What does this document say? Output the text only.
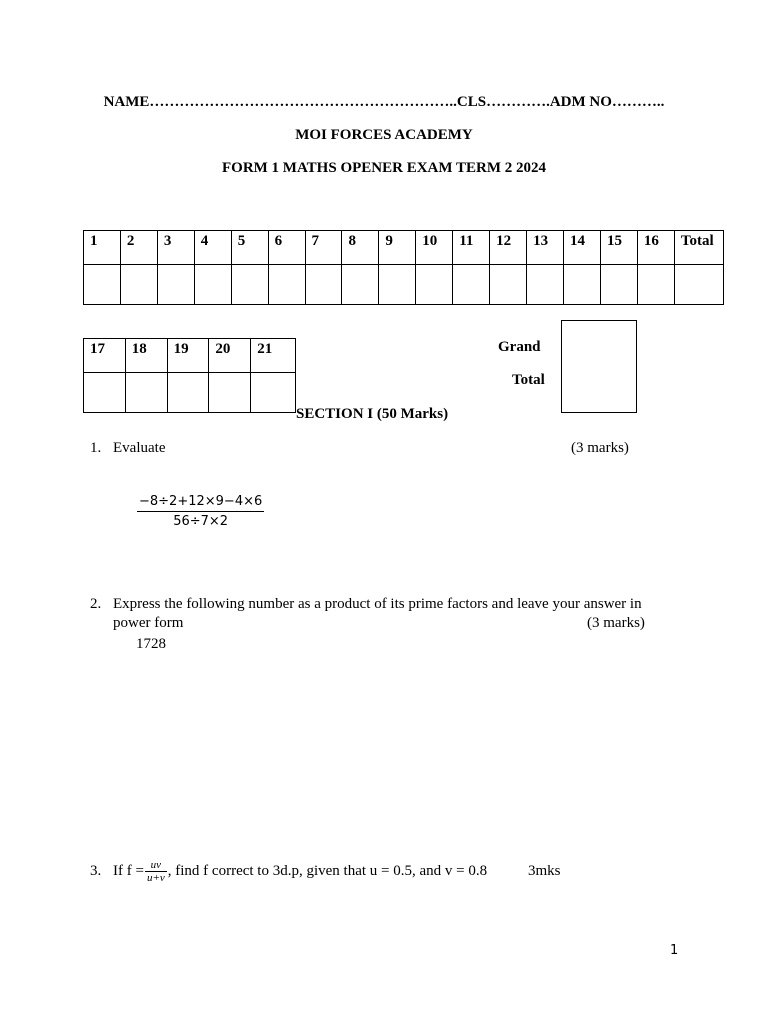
NAME……………………………………………………..CLS………….ADM NO………..
MOI FORCES ACADEMY
FORM 1 MATHS OPENER EXAM TERM 2 2024
1	2	3	4	5	6	7	8	9	10	11	12	13	14	15	16	Total

17	18	19	20	21
					Grand
Total
SECTION I (50 Marks)
1. Evaluate	(3 marks)
$\frac{-8\div 2+12\times 9-4\times 6}{56\div 7\times 2}$
2. Express the following number as a product of its prime factors and leave your answer in
power form	(3 marks)
1728
3. If $f = \frac{uv}{u+v}$ , find f correct to 3d.p, given that u = 0.5, and v = 0.8	3mks
1
